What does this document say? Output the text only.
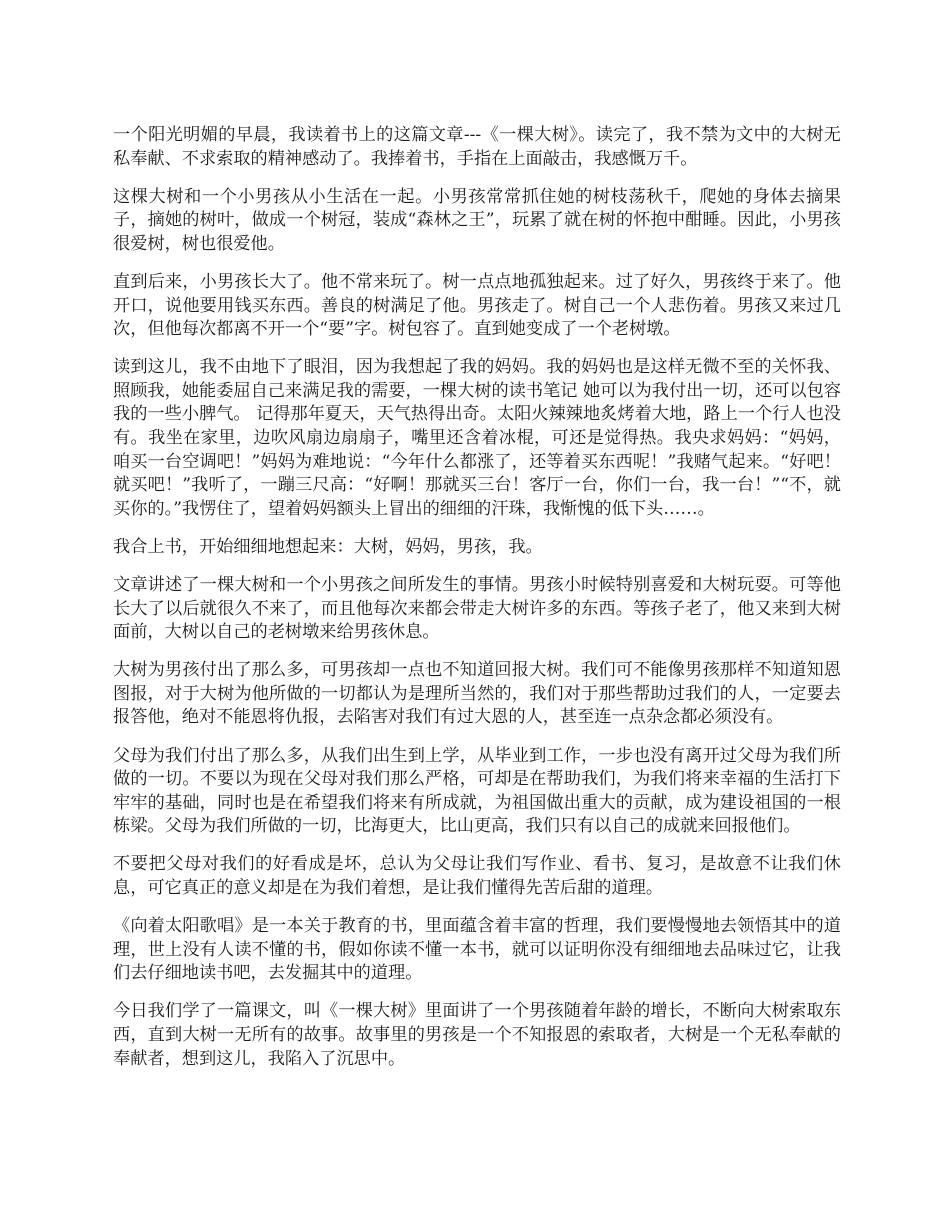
一个阳光明媚的早晨，我读着书上的这篇文章---《一棵大树》。读完了，我不禁为文中的大树无私奉献、不求索取的精神感动了。我捧着书，手指在上面敲击，我感慨万千。

这棵大树和一个小男孩从小生活在一起。小男孩常常抓住她的树枝荡秋千，爬她的身体去摘果子，摘她的树叶，做成一个树冠，装成“森林之王”，玩累了就在树的怀抱中酣睡。因此，小男孩很爱树，树也很爱他。

直到后来，小男孩长大了。他不常来玩了。树一点点地孤独起来。过了好久，男孩终于来了。他开口，说他要用钱买东西。善良的树满足了他。男孩走了。树自己一个人悲伤着。男孩又来过几次，但他每次都离不开一个“要”字。树包容了。直到她变成了一个老树墩。

读到这儿，我不由地下了眼泪，因为我想起了我的妈妈。我的妈妈也是这样无微不至的关怀我、照顾我，她能委屈自己来满足我的需要，一棵大树的读书笔记 她可以为我付出一切，还可以包容我的一些小脾气。 记得那年夏天，天气热得出奇。太阳火辣辣地炙烤着大地，路上一个行人也没有。我坐在家里，边吹风扇边扇扇子，嘴里还含着冰棍，可还是觉得热。我央求妈妈：“妈妈，咱买一台空调吧！”妈妈为难地说：“今年什么都涨了，还等着买东西呢！”我赌气起来。“好吧！就买吧！”我听了，一蹦三尺高：“好啊！那就买三台！客厅一台，你们一台，我一台！”“不，就买你的。”我愣住了，望着妈妈额头上冒出的细细的汗珠，我惭愧的低下头……。

我合上书，开始细细地想起来：大树，妈妈，男孩，我。

文章讲述了一棵大树和一个小男孩之间所发生的事情。男孩小时候特别喜爱和大树玩耍。可等他长大了以后就很久不来了，而且他每次来都会带走大树许多的东西。等孩子老了，他又来到大树面前，大树以自己的老树墩来给男孩休息。

大树为男孩付出了那么多，可男孩却一点也不知道回报大树。我们可不能像男孩那样不知道知恩图报，对于大树为他所做的一切都认为是理所当然的，我们对于那些帮助过我们的人，一定要去报答他，绝对不能恩将仇报，去陷害对我们有过大恩的人，甚至连一点杂念都必须没有。

父母为我们付出了那么多，从我们出生到上学，从毕业到工作，一步也没有离开过父母为我们所做的一切。不要以为现在父母对我们那么严格，可却是在帮助我们，为我们将来幸福的生活打下牢牢的基础，同时也是在希望我们将来有所成就，为祖国做出重大的贡献，成为建设祖国的一根栋梁。父母为我们所做的一切，比海更大，比山更高，我们只有以自己的成就来回报他们。

不要把父母对我们的好看成是坏，总认为父母让我们写作业、看书、复习，是故意不让我们休息，可它真正的意义却是在为我们着想，是让我们懂得先苦后甜的道理。

《向着太阳歌唱》是一本关于教育的书，里面蕴含着丰富的哲理，我们要慢慢地去领悟其中的道理，世上没有人读不懂的书，假如你读不懂一本书，就可以证明你没有细细地去品味过它，让我们去仔细地读书吧，去发掘其中的道理。

今日我们学了一篇课文，叫《一棵大树》里面讲了一个男孩随着年龄的增长，不断向大树索取东西，直到大树一无所有的故事。故事里的男孩是一个不知报恩的索取者，大树是一个无私奉献的奉献者，想到这儿，我陷入了沉思中。
